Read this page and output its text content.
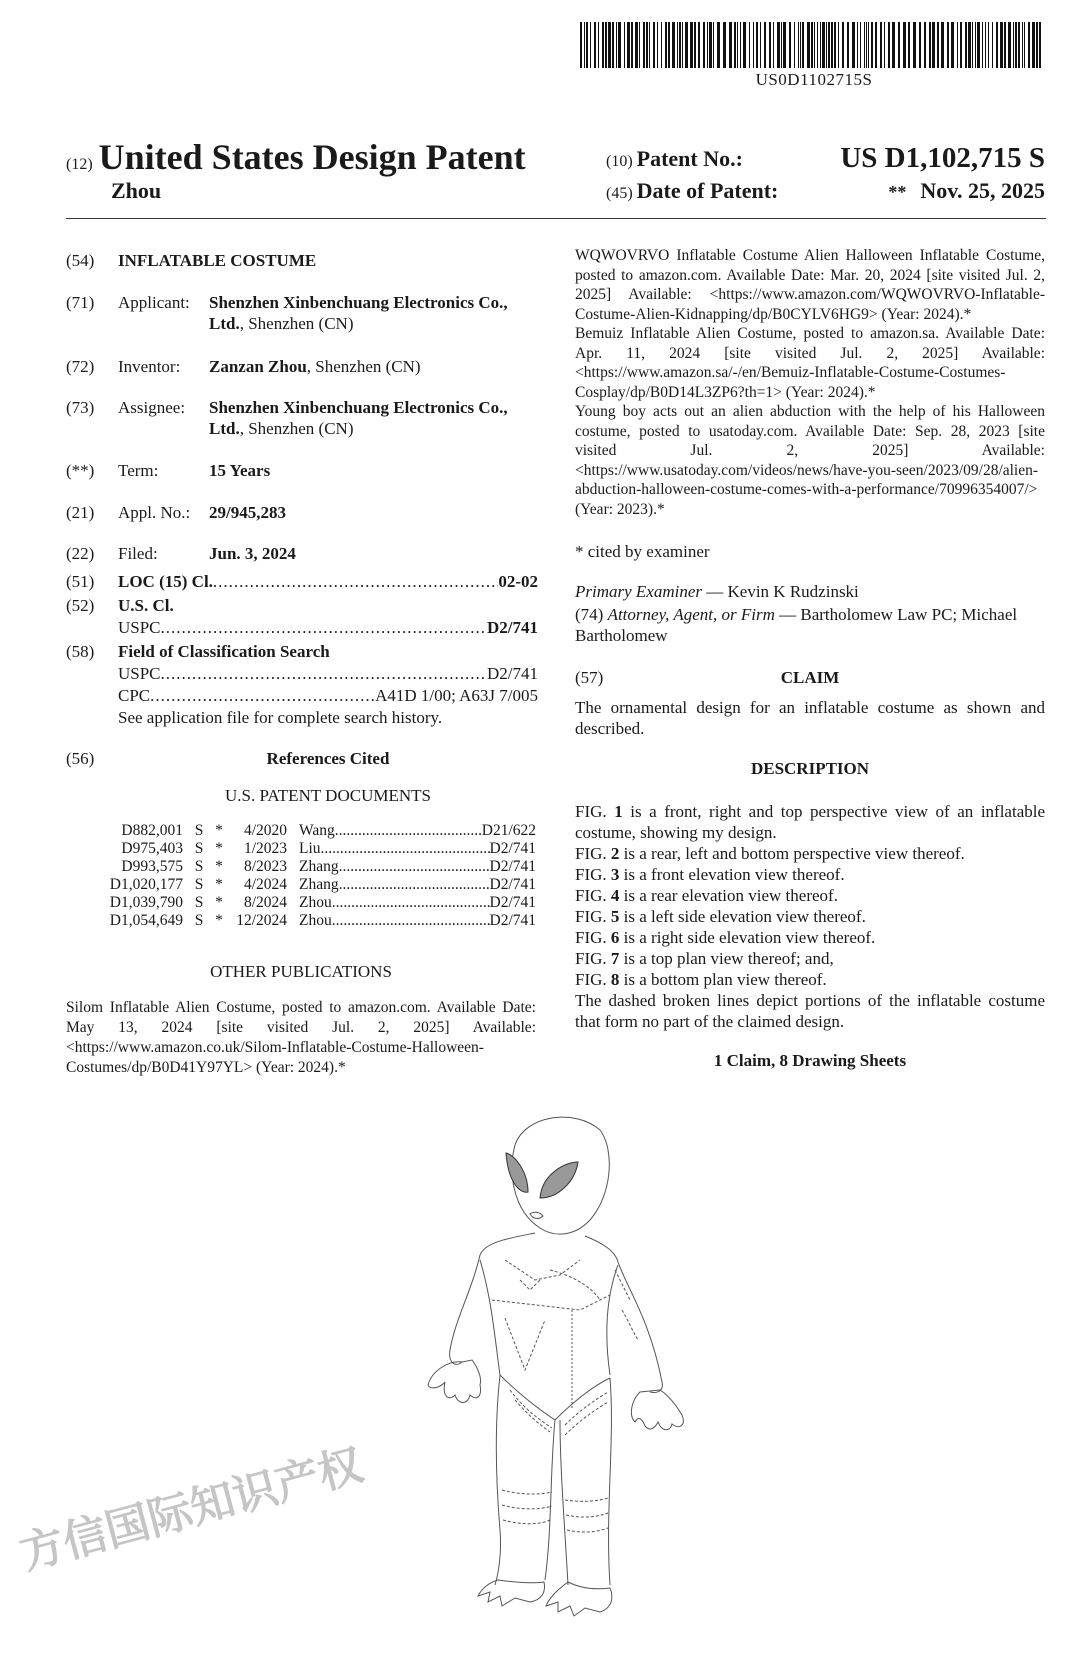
方信国际知识产权
US0D1102715S
(12) United States Design Patent
Zhou
(10) Patent No.:	US D1,102,715 S
(45) Date of Patent:	** Nov. 25, 2025
(54) INFLATABLE COSTUME
(71) Applicant: Shenzhen Xinbenchuang Electronics Co., Ltd., Shenzhen (CN)
(72) Inventor: Zanzan Zhou, Shenzhen (CN)
(73) Assignee: Shenzhen Xinbenchuang Electronics Co., Ltd., Shenzhen (CN)
(**) Term:	15 Years
(21) Appl. No.: 29/945,283
(22) Filed:	Jun. 3, 2024
(51) LOC (15) Cl. .....	02-02
(52) U.S. Cl.
USPC .....	D2/741
(58) Field of Classification Search
USPC .....	D2/741
CPC .....	A41D 1/00; A63J 7/005
See application file for complete search history.
(56)	References Cited
U.S. PATENT DOCUMENTS
D882,001 S *	4/2020 Wang .....	D21/622
D975,403 S *	1/2023 Liu .....	D2/741
D993,575 S *	8/2023 Zhang .....	D2/741
D1,020,177 S *	4/2024 Zhang .....	D2/741
D1,039,790 S *	8/2024 Zhou .....	D2/741
D1,054,649 S * 12/2024 Zhou .....	D2/741
OTHER PUBLICATIONS
Silom Inflatable Alien Costume, posted to amazon.com. Available Date: May 13, 2024 [site visited Jul. 2, 2025] Available: <https://www.amazon.co.uk/Silom-Inflatable-Costume-Halloween-Costumes/dp/B0D41Y97YL> (Year: 2024).*
WQWOVRVO Inflatable Costume Alien Halloween Inflatable Costume, posted to amazon.com. Available Date: Mar. 20, 2024 [site visited Jul. 2, 2025] Available: <https://www.amazon.com/WQWOVRVO-Inflatable-Costume-Alien-Kidnapping/dp/B0CYLV6HG9> (Year: 2024).*
Bemuiz Inflatable Alien Costume, posted to amazon.sa. Available Date: Apr. 11, 2024 [site visited Jul. 2, 2025] Available: <https://www.amazon.sa/-/en/Bemuiz-Inflatable-Costume-Costumes-Cosplay/dp/B0D14L3ZP6?th=1> (Year: 2024).*
Young boy acts out an alien abduction with the help of his Halloween costume, posted to usatoday.com. Available Date: Sep. 28, 2023 [site visited Jul. 2, 2025] Available: <https://www.usatoday.com/videos/news/have-you-seen/2023/09/28/alien-abduction-halloween-costume-comes-with-a-performance/70996354007/> (Year: 2023).*
* cited by examiner
Primary Examiner — Kevin K Rudzinski
(74) Attorney, Agent, or Firm — Bartholomew Law PC; Michael Bartholomew
(57)	CLAIM
The ornamental design for an inflatable costume as shown and described.
DESCRIPTION
FIG. 1 is a front, right and top perspective view of an inflatable costume, showing my design.
FIG. 2 is a rear, left and bottom perspective view thereof.
FIG. 3 is a front elevation view thereof.
FIG. 4 is a rear elevation view thereof.
FIG. 5 is a left side elevation view thereof.
FIG. 6 is a right side elevation view thereof.
FIG. 7 is a top plan view thereof; and,
FIG. 8 is a bottom plan view thereof.
The dashed broken lines depict portions of the inflatable costume that form no part of the claimed design.
1 Claim, 8 Drawing Sheets
